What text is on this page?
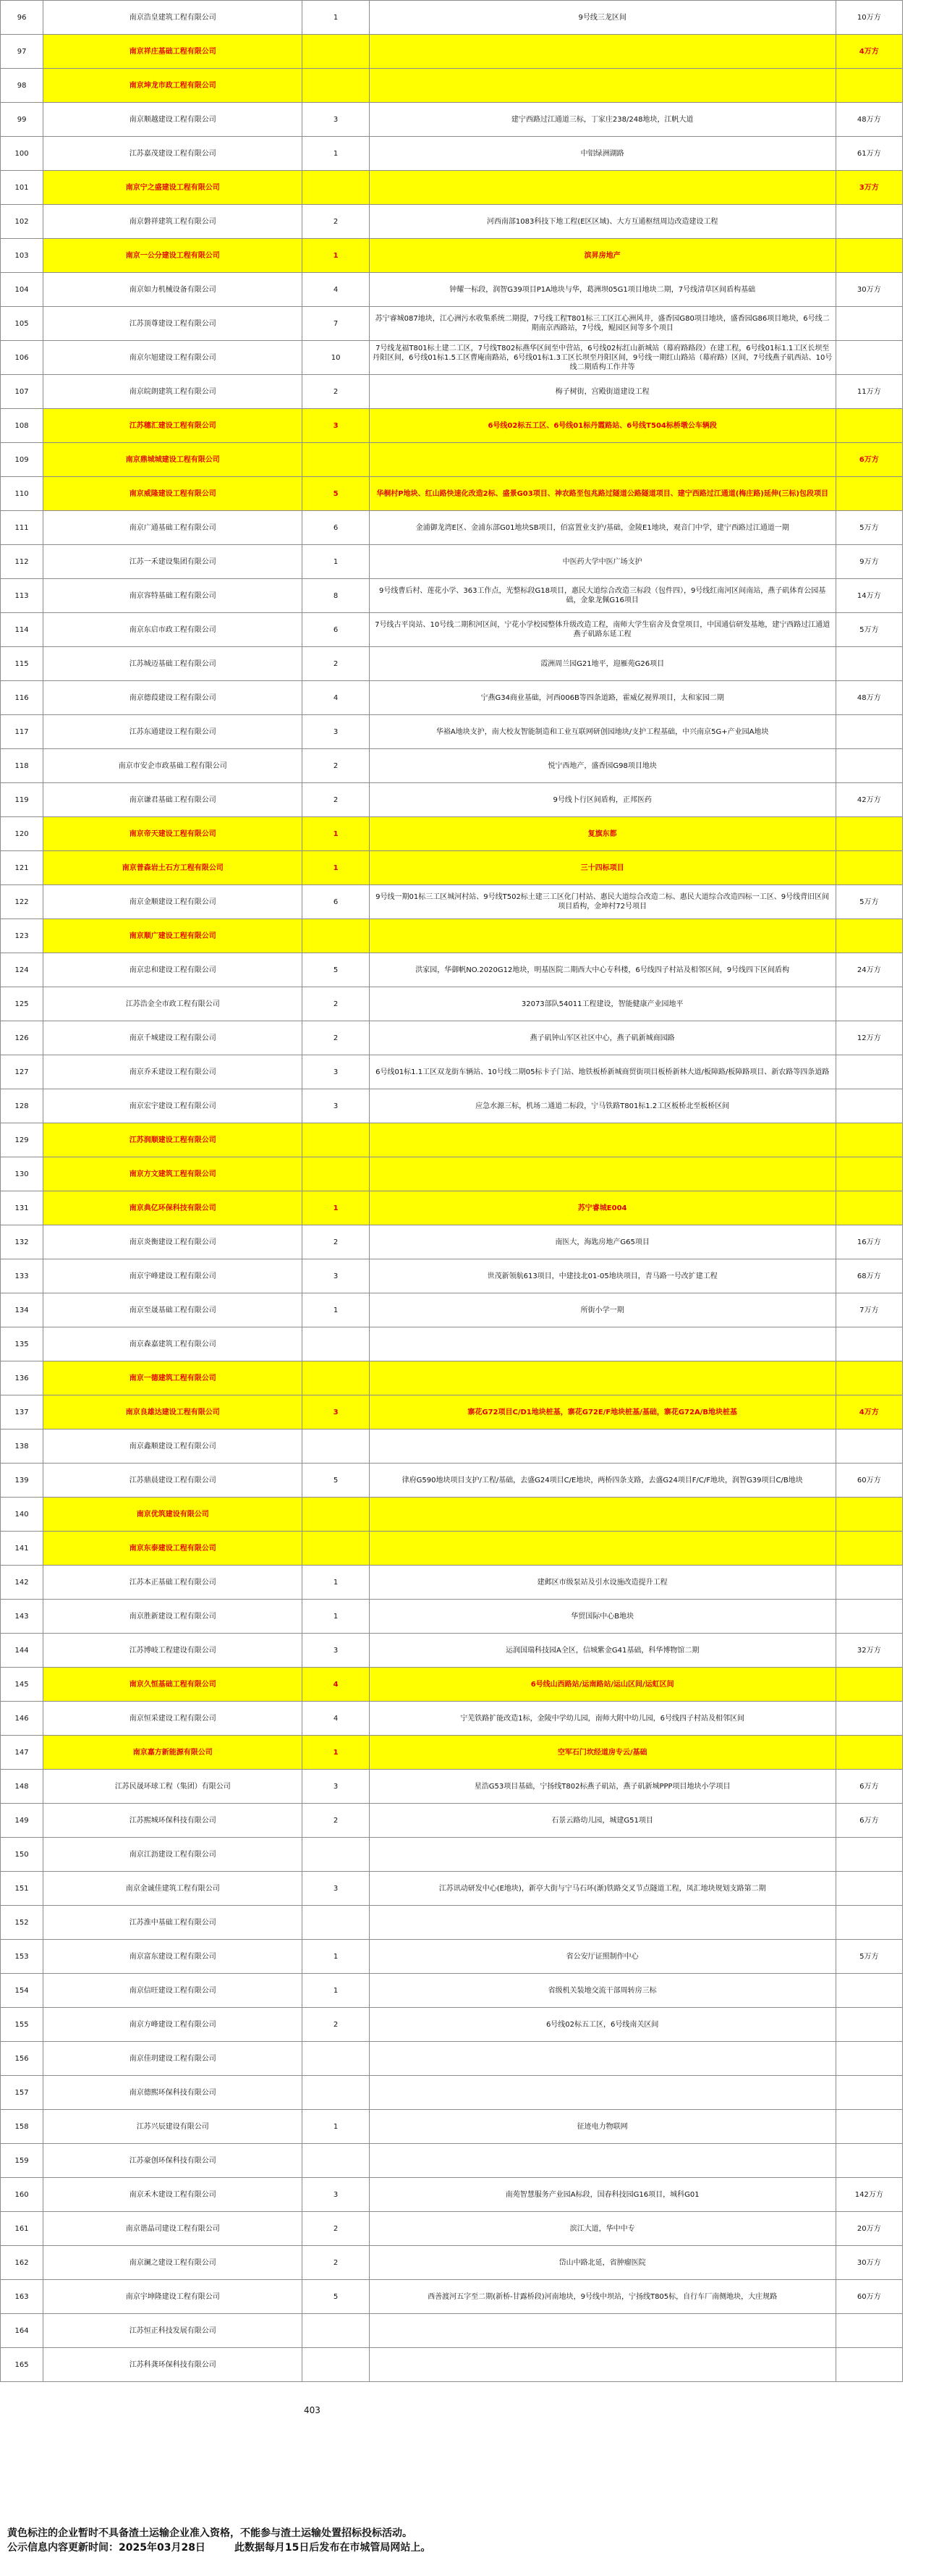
96	南京浩皇建筑工程有限公司	1	9号线三龙区间	10万方
97	南京祥庄基础工程有限公司			4万方
98	南京坤龙市政工程有限公司			
99	南京顺越建设工程有限公司	3	建宁西路过江通道三标，丁家庄238/248地块，江帆大道	48万方
100	江苏嘉茂建设工程有限公司	1	中铝绿洲湖路	61万方
101	南京宁之盛建设工程有限公司			3万方
102	南京磐祥建筑工程有限公司	2	河西南部1083科技下地工程(E区区域)、大方互通枢纽周边改造建设工程	
103	南京一公分建设工程有限公司	1	滨昇房地产	
104	南京如力机械设备有限公司	4	钟耀一标段，润智G39项目P1A地块与华，葛洲坝05G1项目地块二期，7号线清草区间盾构基础	30万方
105	江苏顶尊建设工程有限公司	7	苏宁睿城087地块，江心洲污水收集系统二期提，7号线工程T801标三工区江心洲风井，盛香园G80项目地块，盛香园G86项目地块，6号线二期南京西路站，7号线，鲲园区间等多个项目	
106	南京尔旭建设工程有限公司	10	7号线龙福T801标土建二工区，7号线T802标燕华区间至中营站，6号线02标红山新城站（幕府路路段）在建工程，6号线01标1.1工区长坝至丹阳区间，6号线01标1.5工区曹庵南路站，6号线01标1.3工区长坝至丹阳区间，9号线一期红山路站（幕府路）区间，7号线燕子矶西站、10号线二期盾构工作井等	
107	南京皖朗建筑工程有限公司	2	梅子树街，宫殿街道建设工程	11万方
108	江苏穗汇建设工程有限公司	3	6号线02标五工区、6号线01标丹霞路站、6号线T504标桥墩公车辆段	
109	南京鼎城城建设工程有限公司			6万方
110	南京威隆建设工程有限公司	5	华桐村P地块、红山路快速化改造2标、盛景G03项目、神农路至包兆路过隧道公路隧道项目、建宁西路过江通道(梅庄路)延伸(三标)包段项目	
111	南京广通基础工程有限公司	6	金浦御龙湾E区、金浦东部G01地块SB项目，佰富置业支护/基础，金陵E1地块，观音门中学，建宁西路过江通道一期	5万方
112	江苏一禾建设集团有限公司	1	中医药大学中医广场支护	9万方
113	南京容特基础工程有限公司	8	9号线曹后村、莲花小学、363工作点，光整标段G18项目，惠民大道综合改造三标段（包件四），9号线红南河区间南站，燕子矶体育公园基础，金象龙佩G16项目	14万方
114	南京东启市政工程有限公司	6	7号线古平岗站、10号线二期积河区间，宁花小学校园整体升级改造工程，南师大学生宿舍及食堂项目，中国通信研发基地，建宁西路过江通道燕子矶路东延工程	5万方
115	江苏城迈基础工程有限公司	2	霞洲周兰园G21地平，迎雁苑G26项目	
116	南京德葭建设工程有限公司	4	宁燕G34商业基础，河西006B等四条道路，霍威亿视界项目，太和家园二期	48万方
117	江苏东通建设工程有限公司	3	华裕A地块支护，南大校友智能制造和工业互联网研创园地块/支护工程基础，中兴南京5G+产业园A地块	
118	南京市安企市政基础工程有限公司	2	悦宁西地产，盛香园G98项目地块	
119	南京谦君基础工程有限公司	2	9号线卜行区间盾构，正邦医药	42万方
120	南京帝天建设工程有限公司	1	复旗东都	
121	南京普森岩土石方工程有限公司	1	三十四标项目	
122	南京金顺建设工程有限公司	6	9号线一期01标三工区城河村站、9号线T502标土建三工区化门村站、惠民大道综合改造二标、惠民大道综合改造四标一工区、9号线背旧区间项目盾构，金坤村72号项目	5万方
123	南京顺广建设工程有限公司			
124	南京忠和建设工程有限公司	5	洪家园，华御帆NO.2020G12地块，明基医院二期西大中心专科楼，6号线四子村站及相邻区间，9号线四下区间盾构	24万方
125	江苏浩金全市政工程有限公司	2	32073部队54011工程建设，智能健康产业园地平	
126	南京千城建设工程有限公司	2	燕子矶钟山军区社区中心，燕子矶新城商园路	12万方
127	南京乔禾建设工程有限公司	3	6号线01标1.1工区双龙街车辆站、10号线二期05标卡子门站、地铁板桥新城商贸街项目板桥新林大道/板障路/板障路项目、新农路等四条道路	
128	南京宏宇建设工程有限公司	3	应急水源三标，机场二通道二标段，宁马铁路T801标1.2工区板桥北至板桥区间	
129	江苏润顺建设工程有限公司			
130	南京方文建筑工程有限公司			
131	南京典亿环保科技有限公司	1	苏宁睿城E004	
132	南京炎衡建设工程有限公司	2	南医大，海匙房地产G65项目	16万方
133	南京宇峰建设工程有限公司	3	世茂新领航613项目，中建技北01-05地块项目，青马路一号改扩建工程	68万方
134	南京至晟基础工程有限公司	1	所街小学一期	7万方
135	南京森嘉建筑工程有限公司			
136	南京一德建筑工程有限公司			
137	南京良雄达建设工程有限公司	3	寨花G72项目C/D1地块桩基，寨花G72E/F地块桩基/基础，寨花G72A/B地块桩基	4万方
138	南京鑫顺建设工程有限公司			
139	江苏鼎晨建设工程有限公司	5	律府G590地块项目支护/工程/基础，去盛G24项目C/E地块，两桥四条支路，去盛G24项目F/C/F地块，润智G39项目C/B地块	60万方
140	南京优筑建设有限公司			
141	南京东泰建设工程有限公司			
142	江苏本正基础工程有限公司	1	建邺区市级泵站及引水设施改造提升工程	
143	南京胜新建设工程有限公司	1	华贸国际中心B地块	
144	江苏博岐工程建设有限公司	3	运润国瑞科技园A全区，信城紫金G41基础，科华博物馆二期	32万方
145	南京久恒基础工程有限公司	4	6号线山西路站/运南路站/运山区间/运虹区间	
146	南京恒采建设工程有限公司	4	宁芜铁路扩能改造1标，金陵中学幼儿园，南师大附中幼儿园，6号线四子村站及相邻区间	
147	南京嘉方新能源有限公司	1	空军石门坎经道房专云/基础	
148	江苏民晟环球工程（集团）有限公司	3	星浩G53项目基础，宁扬线T802标燕子矶站，燕子矶新城PPP项目地块小学项目	6万方
149	江苏熙城环保科技有限公司	2	石景云路幼儿园，城建G51项目	6万方
150	南京江沥建设工程有限公司			
151	南京金诚佳建筑工程有限公司	3	江苏讯动研发中心(E地块)，新亭大街与宁马石环(渐)铁路交叉节点隧道工程，凤汇地块规划支路第二期	
152	江苏淮中基础工程有限公司			
153	南京富东建设工程有限公司	1	省公安厅证照制作中心	5万方
154	南京信旺建设工程有限公司	1	省级机关装地交流干部周转房三标	
155	南京方峰建设工程有限公司	2	6号线02标五工区，6号线南关区间	
156	南京佳玥建设工程有限公司			
157	南京德熙环保科技有限公司			
158	江苏兴辰建设有限公司	1	征迹电力物联网	
159	江苏豪创环保科技有限公司			
160	南京禾木建设工程有限公司	3	南苑智慧服务产业园A标段，国春科技园G16项目，城科G01	142万方
161	南京谐晶司建设工程有限公司	2	滨江大道，华中中专	20万方
162	南京澜之建设工程有限公司	2	岱山中路北延，省肿瘤医院	30万方
163	南京宇坤隆建设工程有限公司	5	西善渡河五字至二期(新桥-甘露桥段)河南地块，9号线中坝站，宁扬线T805标，自行车厂南侧地块，大庄规路	60万方
164	江苏恒正科技发展有限公司			
165	江苏科龚环保科技有限公司			
403
黄色标注的企业暂时不具备渣土运输企业准入资格，不能参与渣土运输处置招标投标活动。
公示信息内容更新时间：2025年03月28日	此数据每月15日后发布在市城管局网站上。
